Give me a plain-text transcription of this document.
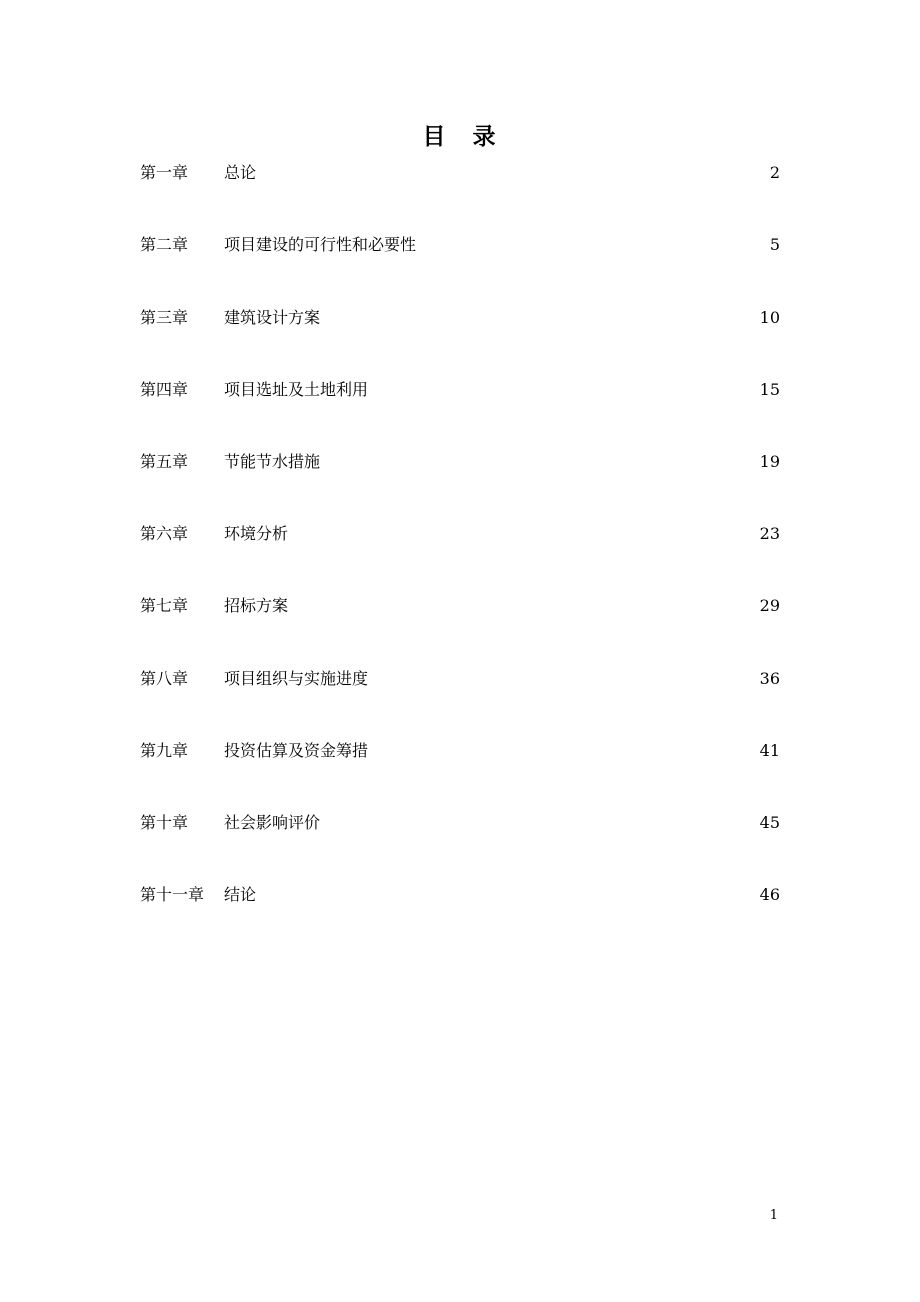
目　录
第一章	总论	2
第二章	项目建设的可行性和必要性	5
第三章	建筑设计方案	10
第四章	项目选址及土地利用	15
第五章	节能节水措施	19
第六章	环境分析	23
第七章	招标方案	29
第八章	项目组织与实施进度	36
第九章	投资估算及资金筹措	41
第十章	社会影响评价	45
第十一章	结论	46
1
